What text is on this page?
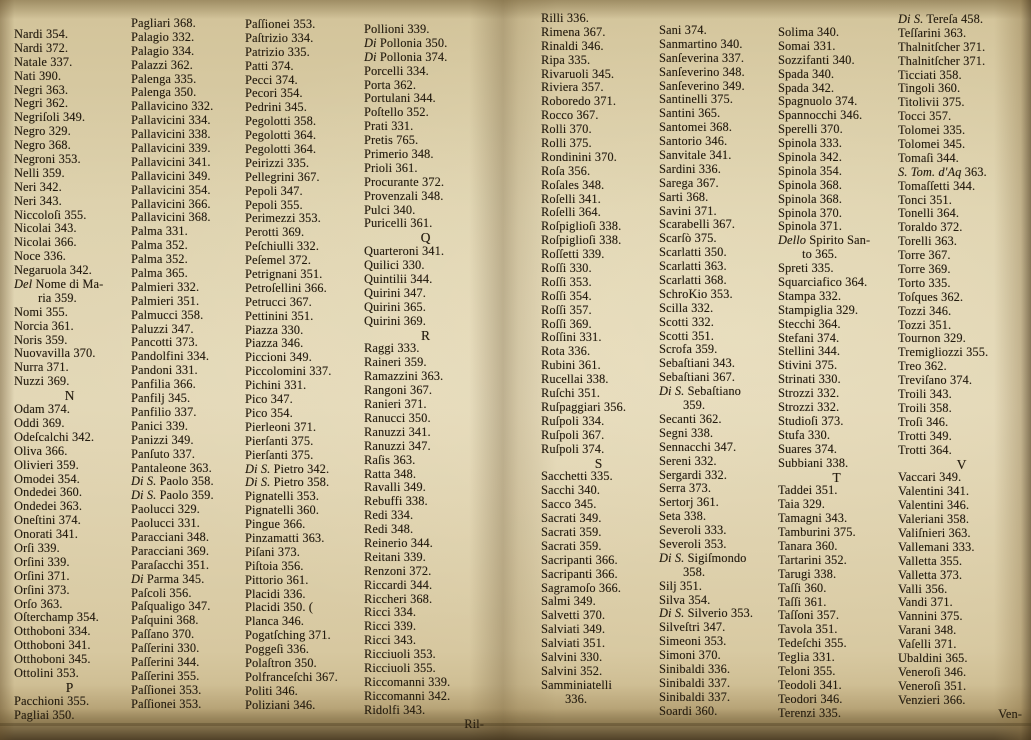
Nardi 354.
Nardi 372.
Natale 337.
Nati 390.
Negri 363.
Negri 362.
Negriſoli 349.
Negro 329.
Negro 368.
Negroni 353.
Nelli 359.
Neri 342.
Neri 343.
Niccoloſi 355.
Nicolai 343.
Nicolai 366.
Noce 336.
Negaruola 342.
Del Nome di Ma-
ria 359.
Nomi 355.
Norcia 361.
Noris 359.
Nuovavilla 370.
Nurra 371.
Nuzzi 369.
N
Odam 374.
Oddi 369.
Odeſcalchi 342.
Oliva 366.
Olivieri 359.
Omodei 354.
Ondedei 360.
Ondedei 363.
Oneſtini 374.
Onorati 341.
Orſi 339.
Orſini 339.
Orſini 371.
Orſini 373.
Orſo 363.
Oſterchamp 354.
Otthoboni 334.
Otthoboni 341.
Otthoboni 345.
Ottolini 353.
P
Pacchioni 355.
Pagliai 350.
Pagliari 368.
Palagio 332.
Palagio 334.
Palazzi 362.
Palenga 335.
Palenga 350.
Pallavicino 332.
Pallavicini 334.
Pallavicini 338.
Pallavicini 339.
Pallavicini 341.
Pallavicini 349.
Pallavicini 354.
Pallavicini 366.
Pallavicini 368.
Palma 331.
Palma 352.
Palma 352.
Palma 365.
Palmieri 332.
Palmieri 351.
Palmucci 358.
Paluzzi 347.
Pancotti 373.
Pandolfini 334.
Pandoni 331.
Panfilia 366.
Panfilj 345.
Panfilio 337.
Panici 339.
Panizzi 349.
Panſuto 337.
Pantaleone 363.
Di S. Paolo 358.
Di S. Paolo 359.
Paolucci 329.
Paolucci 331.
Paracciani 348.
Paracciani 369.
Paraſacchi 351.
Di Parma 345.
Paſcoli 356.
Paſqualigo 347.
Paſquini 368.
Paſſano 370.
Paſſerini 330.
Paſſerini 344.
Paſſerini 355.
Paſſionei 353.
Paſſionei 353.
Paſſionei 353.
Paſtrizio 334.
Patrizio 335.
Patti 374.
Pecci 374.
Pecori 354.
Pedrini 345.
Pegolotti 358.
Pegolotti 364.
Pegolotti 364.
Peirizzi 335.
Pellegrini 367.
Pepoli 347.
Pepoli 355.
Perimezzi 353.
Perotti 369.
Peſchiulli 332.
Peſemel 372.
Petrignani 351.
Petroſellini 366.
Petrucci 367.
Pettinini 351.
Piazza 330.
Piazza 346.
Piccioni 349.
Piccolomini 337.
Pichini 331.
Pico 347.
Pico 354.
Pierleoni 371.
Pierſanti 375.
Pierſanti 375.
Di S. Pietro 342.
Di S. Pietro 358.
Pignatelli 353.
Pignatelli 360.
Pingue 366.
Pinzamatti 363.
Piſani 373.
Piſtoia 356.
Pittorio 361.
Placidi 336.
Placidi 350. (
Planca 346.
Pogatſching 371.
Poggeſi 336.
Polaſtron 350.
Polfranceſchi 367.
Politi 346.
Poliziani 346.
Pollioni 339.
Di Pollonia 350.
Di Pollonia 374.
Porcelli 334.
Porta 362.
Portulani 344.
Poſtello 352.
Prati 331.
Pretis 765.
Primerio 348.
Prioli 361.
Procurante 372.
Provenzali 348.
Pulci 340.
Puricelli 361.
Q
Quarteroni 341.
Quilici 330.
Quintilii 344.
Quirini 347.
Quirini 365.
Quirini 369.
R
Raggi 333.
Raineri 359.
Ramazzini 363.
Rangoni 367.
Ranieri 371.
Ranucci 350.
Ranuzzi 341.
Ranuzzi 347.
Raſis 363.
Ratta 348.
Ravalli 349.
Rebuffi 338.
Redi 334.
Redi 348.
Reinerio 344.
Reitani 339.
Renzoni 372.
Riccardi 344.
Riccheri 368.
Ricci 334.
Ricci 339.
Ricci 343.
Ricciuoli 353.
Ricciuoli 355.
Riccomanni 339.
Riccomanni 342.
Ridolfi 343.
Ril-
Rilli 336.
Rimena 367.
Rinaldi 346.
Ripa 335.
Rivaruoli 345.
Riviera 357.
Roboredo 371.
Rocco 367.
Rolli 370.
Rolli 375.
Rondinini 370.
Roſa 356.
Roſales 348.
Roſelli 341.
Roſelli 364.
Roſpiglioſi 338.
Roſpiglioſi 338.
Roſſetti 339.
Roſſi 330.
Roſſi 353.
Roſſi 354.
Roſſi 357.
Roſſi 369.
Roſſini 331.
Rota 336.
Rubini 361.
Rucellai 338.
Ruſchi 351.
Ruſpaggiari 356.
Ruſpoli 334.
Ruſpoli 367.
Ruſpoli 374.
S
Sacchetti 335.
Sacchi 340.
Sacco 345.
Sacrati 349.
Sacrati 359.
Sacrati 359.
Sacripanti 366.
Sacripanti 366.
Sagramoſo 366.
Salmi 349.
Salvetti 370.
Salviati 349.
Salviati 351.
Salvini 330.
Salvini 352.
Samminiatelli
336.
Sani 374.
Sanmartino 340.
Sanſeverina 337.
Sanſeverino 348.
Sanſeverino 349.
Santinelli 375.
Santini 365.
Santomei 368.
Santorio 346.
Sanvitale 341.
Sardini 336.
Sarega 367.
Sarti 368.
Savini 371.
Scarabelli 367.
Scarſò 375.
Scarlatti 350.
Scarlatti 363.
Scarlatti 368.
SchroKio 353.
Scilla 332.
Scotti 332.
Scotti 351.
Scrofa 359.
Sebaſtiani 343.
Sebaſtiani 367.
Di S. Sebaſtiano
359.
Secanti 362.
Segni 338.
Sennacchi 347.
Sereni 332.
Sergardi 332.
Serra 373.
Sertorj 361.
Seta 338.
Severoli 333.
Severoli 353.
Di S. Sigiſmondo
358.
Silj 351.
Silva 354.
Di S. Silverio 353.
Silveſtri 347.
Simeoni 353.
Simoni 370.
Sinibaldi 336.
Sinibaldi 337.
Sinibaldi 337.
Soardi 360.
Solima 340.
Somai 331.
Sozzifanti 340.
Spada 340.
Spada 342.
Spagnuolo 374.
Spannocchi 346.
Sperelli 370.
Spinola 333.
Spinola 342.
Spinola 354.
Spinola 368.
Spinola 368.
Spinola 370.
Spinola 371.
Dello Spirito San-
to 365.
Spreti 335.
Squarciafico 364.
Stampa 332.
Stampiglia 329.
Stecchi 364.
Stefani 374.
Stellini 344.
Stivini 375.
Strinati 330.
Strozzi 332.
Strozzi 332.
Studioſi 373.
Stufa 330.
Suares 374.
Subbiani 338.
T
Taddei 351.
Taia 329.
Tamagni 343.
Tamburini 375.
Tanara 360.
Tartarini 352.
Tarugi 338.
Taſſi 360.
Taſſi 361.
Taſſoni 357.
Tavola 351.
Tedeſchi 355.
Teglia 331.
Teloni 355.
Teodoli 341.
Teodori 346.
Terenzi 335.
Di S. Tereſa 458.
Teſſarini 363.
Thalnitſcher 371.
Thalnitſcher 371.
Ticciati 358.
Tingoli 360.
Titolivii 375.
Tocci 357.
Tolomei 335.
Tolomei 345.
Tomaſi 344.
S. Tom. d'Aq 363.
Tomaſſetti 344.
Tonci 351.
Tonelli 364.
Toraldo 372.
Torelli 363.
Torre 367.
Torre 369.
Torto 335.
Toſques 362.
Tozzi 346.
Tozzi 351.
Tournon 329.
Tremigliozzi 355.
Treo 362.
Treviſano 374.
Troili 343.
Troili 358.
Troſi 346.
Trotti 349.
Trotti 364.
V
Vaccari 349.
Valentini 341.
Valentini 346.
Valeriani 358.
Valiſnieri 363.
Vallemani 333.
Valletta 355.
Valletta 373.
Valli 356.
Vandi 371.
Vannini 375.
Varani 348.
Vaſelli 371.
Ubaldini 365.
Veneroſi 346.
Veneroſi 351.
Venzieri 366.
Ven-
